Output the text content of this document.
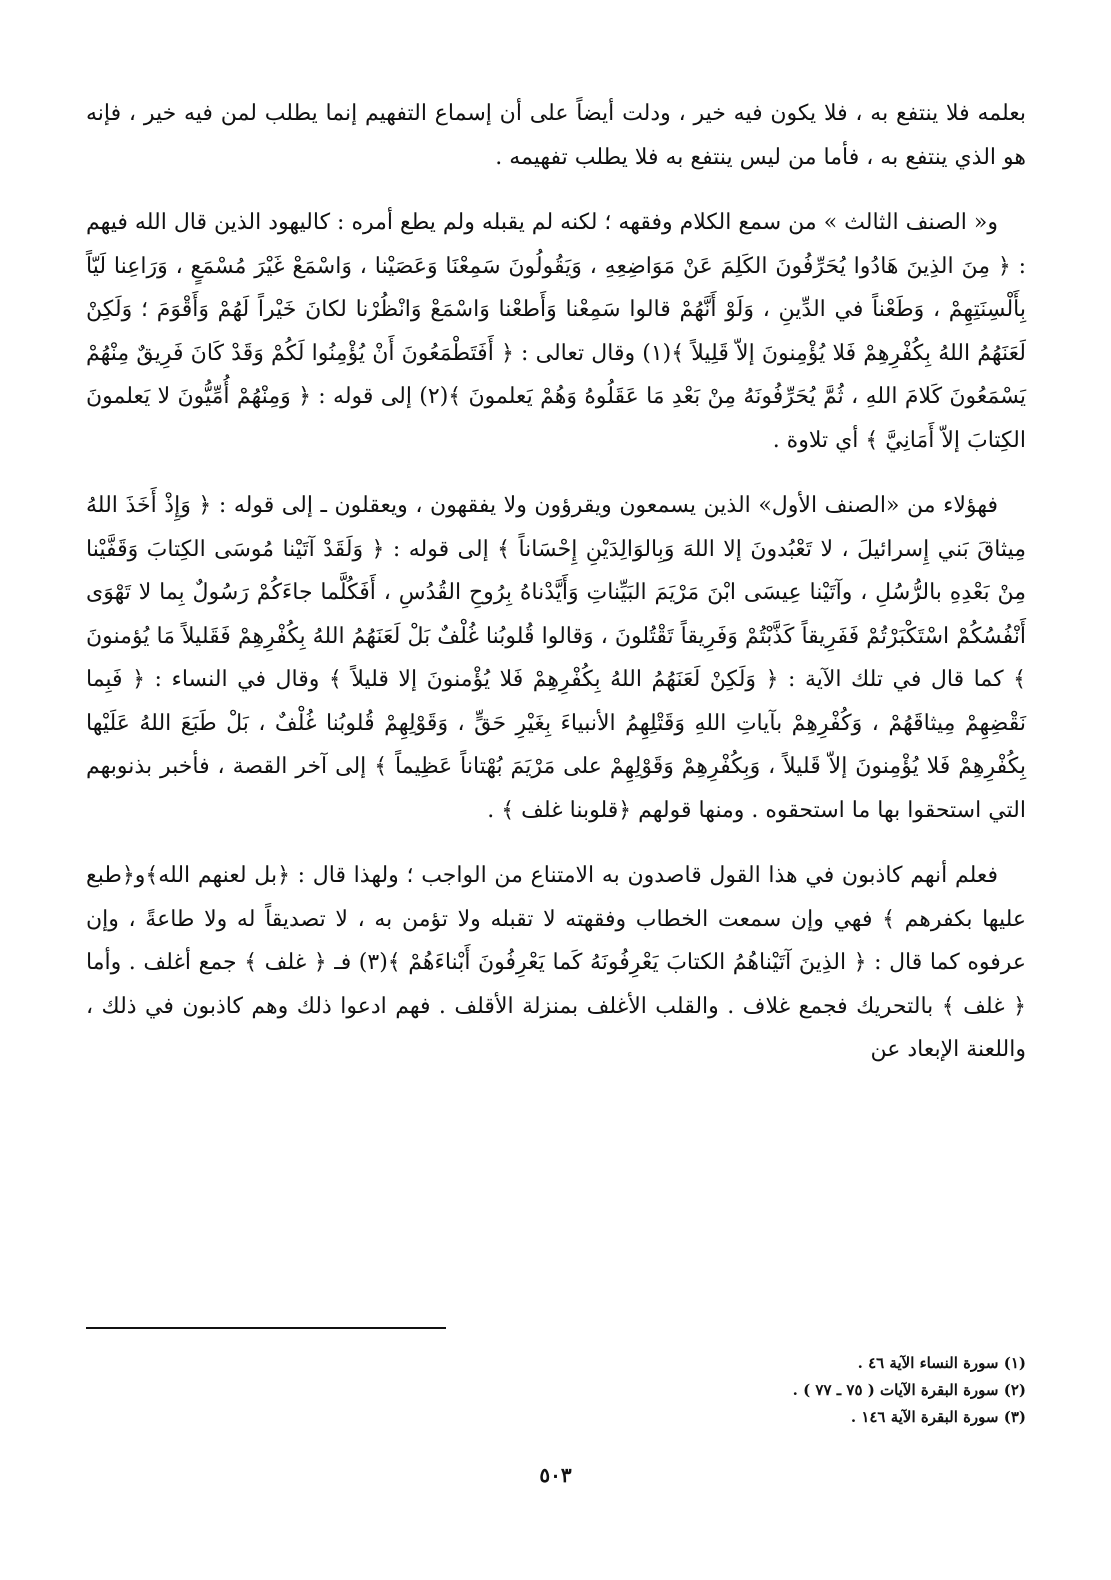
بعلمه فلا ينتفع به ، فلا يكون فيه خير ، ودلت أيضاً على أن إسماع التفهيم إنما يطلب لمن فيه خير ، فإنه هو الذي ينتفع به ، فأما من ليس ينتفع به فلا يطلب تفهيمه .

و« الصنف الثالث » من سمع الكلام وفقهه ؛ لكنه لم يقبله ولم يطع أمره : كاليهود الذين قال الله فيهم : ﴿ مِنَ الذِينَ هَادُوا يُحَرِّفُونَ الكَلِمَ عَنْ مَوَاضِعِهِ ، وَيَقُولُونَ سَمِعْنَا وَعَصَيْنا ، وَاسْمَعْ غَيْرَ مُسْمَعٍ ، وَرَاعِنا لَيّاً بِأَلْسِنَتِهِمْ ، وَطَعْناً في الدِّينِ ، وَلَوْ أَنَّهُمْ قالوا سَمِعْنا وَأَطعْنا وَاسْمَعْ وَانْظُرْنا لكانَ خَيْراً لَهُمْ وَأَقْوَمَ ؛ وَلَكِنْ لَعَنَهُمُ اللهُ بِكُفْرِهِمْ فَلا يُؤْمِنونَ إلاّ قَلِيلاً ﴾(١) وقال تعالى : ﴿ أَفَتَطْمَعُونَ أَنْ يُؤْمِنُوا لَكُمْ وَقَدْ كَانَ فَرِيقٌ مِنْهُمْ يَسْمَعُونَ كَلامَ اللهِ ، ثُمَّ يُحَرِّفُونَهُ مِنْ بَعْدِ مَا عَقَلُوهُ وَهُمْ يَعلمونَ ﴾(٢) إلى قوله : ﴿ وَمِنْهُمْ أُمِّيُّونَ لا يَعلمونَ الكِتابَ إلاّ أَمَانِيَّ ﴾ أي تلاوة .

فهؤلاء من «الصنف الأول» الذين يسمعون ويقرؤون ولا يفقهون ، ويعقلون ـ إلى قوله : ﴿ وَإِذْ أَخَذَ اللهُ مِيثاقَ بَني إِسرائيلَ ، لا تَعْبُدونَ إلا اللهَ وَبِالوَالِدَيْنِ إِحْسَاناً ﴾ إلى قوله : ﴿ وَلَقَدْ آتَيْنا مُوسَى الكِتابَ وَقَفَّيْنا مِنْ بَعْدِهِ بالرُّسُلِ ، وآتَيْنا عِيسَى ابْنَ مَرْيَمَ البَيِّناتِ وَأَيَّدْناهُ بِرُوحِ القُدُسِ ، أَفَكُلَّما جاءَكُمْ رَسُولٌ بِما لا تَهْوَى أَنْفُسُكُمْ اسْتَكْبَرْتُمْ فَفَرِيقاً كَذَّبْتُمْ وَفَرِيقاً تَقْتُلونَ ، وَقالوا قُلوبُنا غُلْفٌ بَلْ لَعَنَهُمُ اللهُ بِكُفْرِهِمْ فَقَليلاً مَا يُؤمنونَ ﴾ كما قال في تلك الآية : ﴿ وَلَكِنْ لَعَنَهُمُ اللهُ بِكُفْرِهِمْ فَلا يُؤْمنونَ إلا قليلاً ﴾ وقال في النساء : ﴿ فَبِما نَقْضِهِمْ مِيثاقَهُمْ ، وَكُفْرِهِمْ بآياتِ اللهِ وَقَتْلِهِمُ الأنبياءَ بِغَيْرِ حَقٍّ ، وَقَوْلِهِمْ قُلوبُنا غُلْفٌ ، بَلْ طَبَعَ اللهُ عَلَيْها بِكُفْرِهِمْ فَلا يُؤْمِنونَ إلاّ قَليلاً ، وَبِكُفْرِهِمْ وَقَوْلِهِمْ على مَرْيَمَ بُهْتاناً عَظِيماً ﴾ إلى آخر القصة ، فأخبر بذنوبهم التي استحقوا بها ما استحقوه . ومنها قولهم ﴿قلوبنا غلف ﴾ .

فعلم أنهم كاذبون في هذا القول قاصدون به الامتناع من الواجب ؛ ولهذا قال : ﴿بل لعنهم الله﴾و﴿طبع عليها بكفرهم ﴾ فهي وإن سمعت الخطاب وفقهته لا تقبله ولا تؤمن به ، لا تصديقاً له ولا طاعةً ، وإن عرفوه كما قال : ﴿ الذِينَ آتَيْناهُمُ الكتابَ يَعْرِفُونَهُ كَما يَعْرِفُونَ أَبْناءَهُمْ ﴾(٣) فـ ﴿ غلف ﴾ جمع أغلف . وأما ﴿ غلف ﴾ بالتحريك فجمع غلاف . والقلب الأغلف بمنزلة الأقلف . فهم ادعوا ذلك وهم كاذبون في ذلك ، واللعنة الإبعاد عن

(١) سورة النساء الآية ٤٦ .

(٢) سورة البقرة الآيات ( ٧٥ ـ ٧٧ ) .

(٣) سورة البقرة الآية ١٤٦ .

٥٠٣
